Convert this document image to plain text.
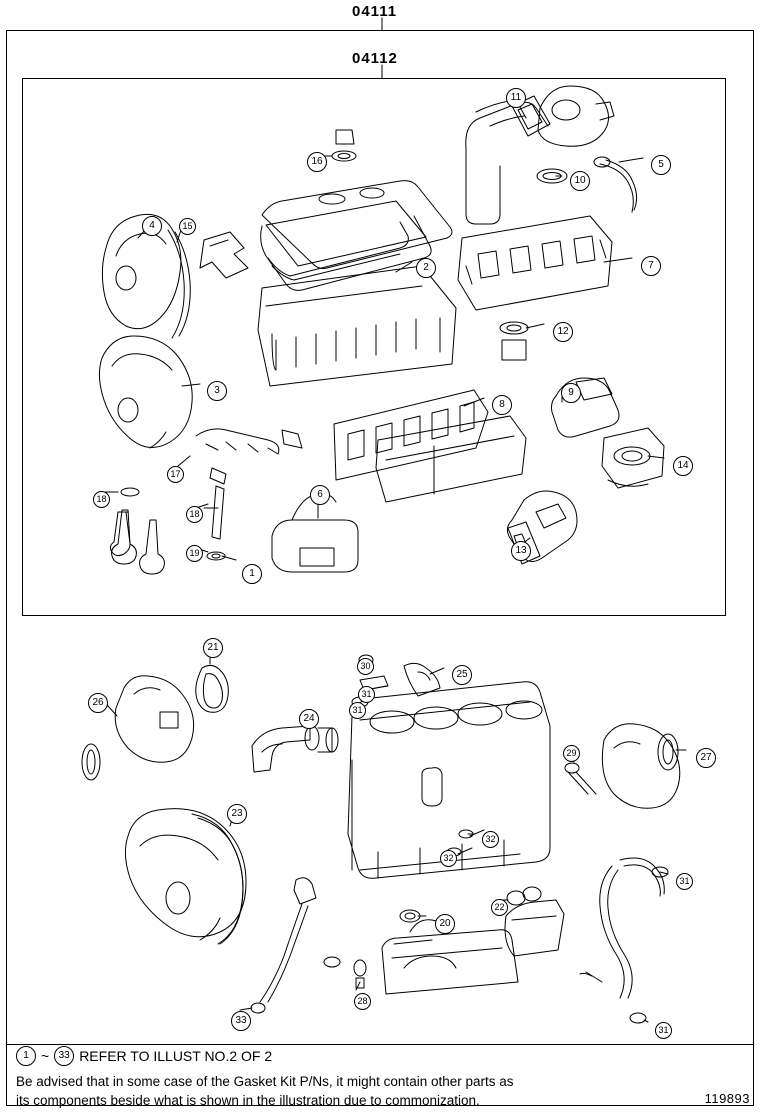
04111
04112
11
5
10
16
7
2
4	15
3
12
9
8
14
17
6
18
18
13
19
1
21
30
25
31
31
26
24
29	27
23
32
32
31
22
20
28
33
31
1 ~ 33 REFER TO ILLUST NO.2 OF 2
Be advised that in some case of the Gasket Kit P/Ns, it might contain other parts as
its components beside what is shown in the illustration due to commonization.	119893
